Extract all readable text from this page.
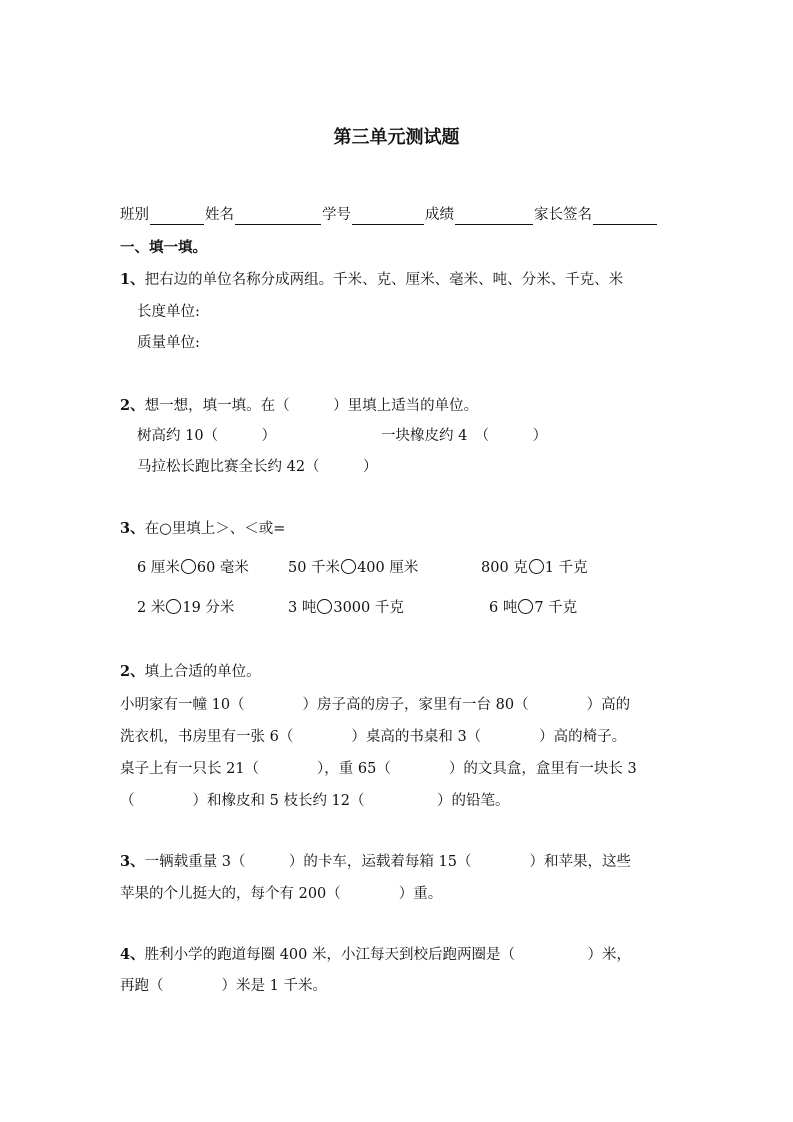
第三单元测试题
班别	姓名	学号	成绩	家长签名
一、填一填。
1、把右边的单位名称分成两组。千米、克、厘米、毫米、吨、分米、千克、米
长度单位:
质量单位:
2、想一想，填一填。在（　　　）里填上适当的单位。
树高约 10（　　　）	一块橡皮约 4　（　　　）
马拉松长跑比赛全长约 42（　　　）
3、在○里填上＞、＜或=
6 厘米 60 毫米	50 千米 400 厘米	800 克 1 千克
2 米 19 分米	3 吨 3000 千克	6 吨 7 千克
2、填上合适的单位。
小明家有一幢 10（　　　　）房子高的房子，家里有一台 80（　　　　）高的
洗衣机，书房里有一张 6（　　　　）桌高的书桌和 3（　　　　）高的椅子。
桌子上有一只长 21（　　　　），重 65（　　　　）的文具盒，盒里有一块长 3
（　　　　）和橡皮和 5 枝长约 12（　　　　　）的铅笔。
3、一辆载重量 3（　　　）的卡车，运载着每箱 15（　　　　）和苹果，这些
苹果的个儿挺大的，每个有 200（　　　　）重。
4、胜利小学的跑道每圈 400 米，小江每天到校后跑两圈是（　　　　　）米，
再跑（　　　　）米是 1 千米。
